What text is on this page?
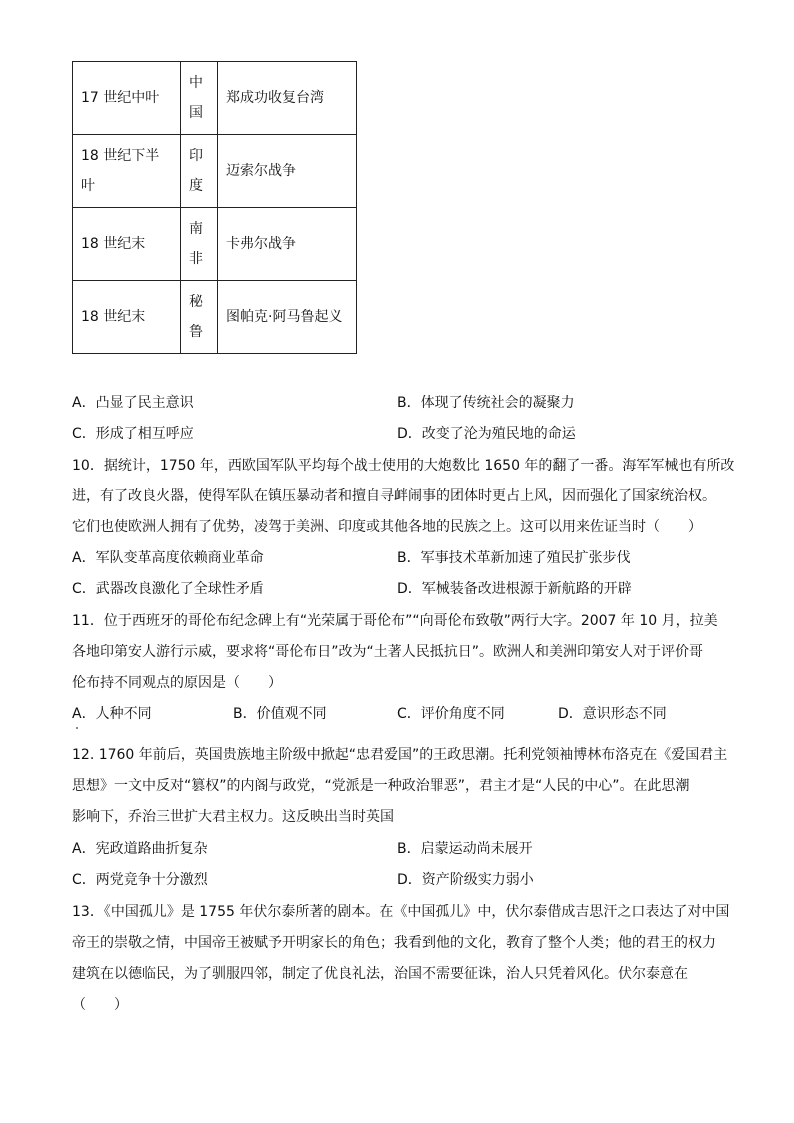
17 世纪中叶	中国	郑成功收复台湾
18 世纪下半叶	印度	迈索尔战争
18 世纪末	南非	卡弗尔战争
18 世纪末	秘鲁	图帕克·阿马鲁起义
A．凸显了民主意识	B．体现了传统社会的凝聚力
C．形成了相互呼应	D．改变了沦为殖民地的命运
10．据统计，1750 年，西欧国军队平均每个战士使用的大炮数比 1650 年的翻了一番。海军军械也有所改
进，有了改良火器，使得军队在镇压暴动者和擅自寻衅闹事的团体时更占上风，因而强化了国家统治权。
它们也使欧洲人拥有了优势，凌驾于美洲、印度或其他各地的民族之上。这可以用来佐证当时（　　）
A．军队变革高度依赖商业革命	B．军事技术革新加速了殖民扩张步伐
C．武器改良激化了全球性矛盾	D．军械装备改进根源于新航路的开辟
11．位于西班牙的哥伦布纪念碑上有“光荣属于哥伦布”“向哥伦布致敬”两行大字。2007 年 10 月，拉美
各地印第安人游行示威，要求将“哥伦布日”改为“土著人民抵抗日”。欧洲人和美洲印第安人对于评价哥
伦布持不同观点的原因是（　　）
A．人种不同	B．价值观不同	C．评价角度不同	D．意识形态不同
12. 1760 年前后，英国贵族地主阶级中掀起“忠君爱国”的王政思潮。托利党领袖博林布洛克在《爱国君主
思想》一文中反对“篡权”的内阁与政党，“党派是一种政治罪恶”，君主才是“人民的中心”。在此思潮
影响下，乔治三世扩大君主权力。这反映出当时英国
A．宪政道路曲折复杂	B．启蒙运动尚未展开
C．两党竞争十分激烈	D．资产阶级实力弱小
13．《中国孤儿》是 1755 年伏尔泰所著的剧本。在《中国孤儿》中，伏尔泰借成吉思汗之口表达了对中国
帝王的崇敬之情，中国帝王被赋予开明家长的角色；我看到他的文化，教育了整个人类；他的君王的权力
建筑在以德临民，为了驯服四邻，制定了优良礼法，治国不需要征诛，治人只凭着风化。伏尔泰意在
（　　）
